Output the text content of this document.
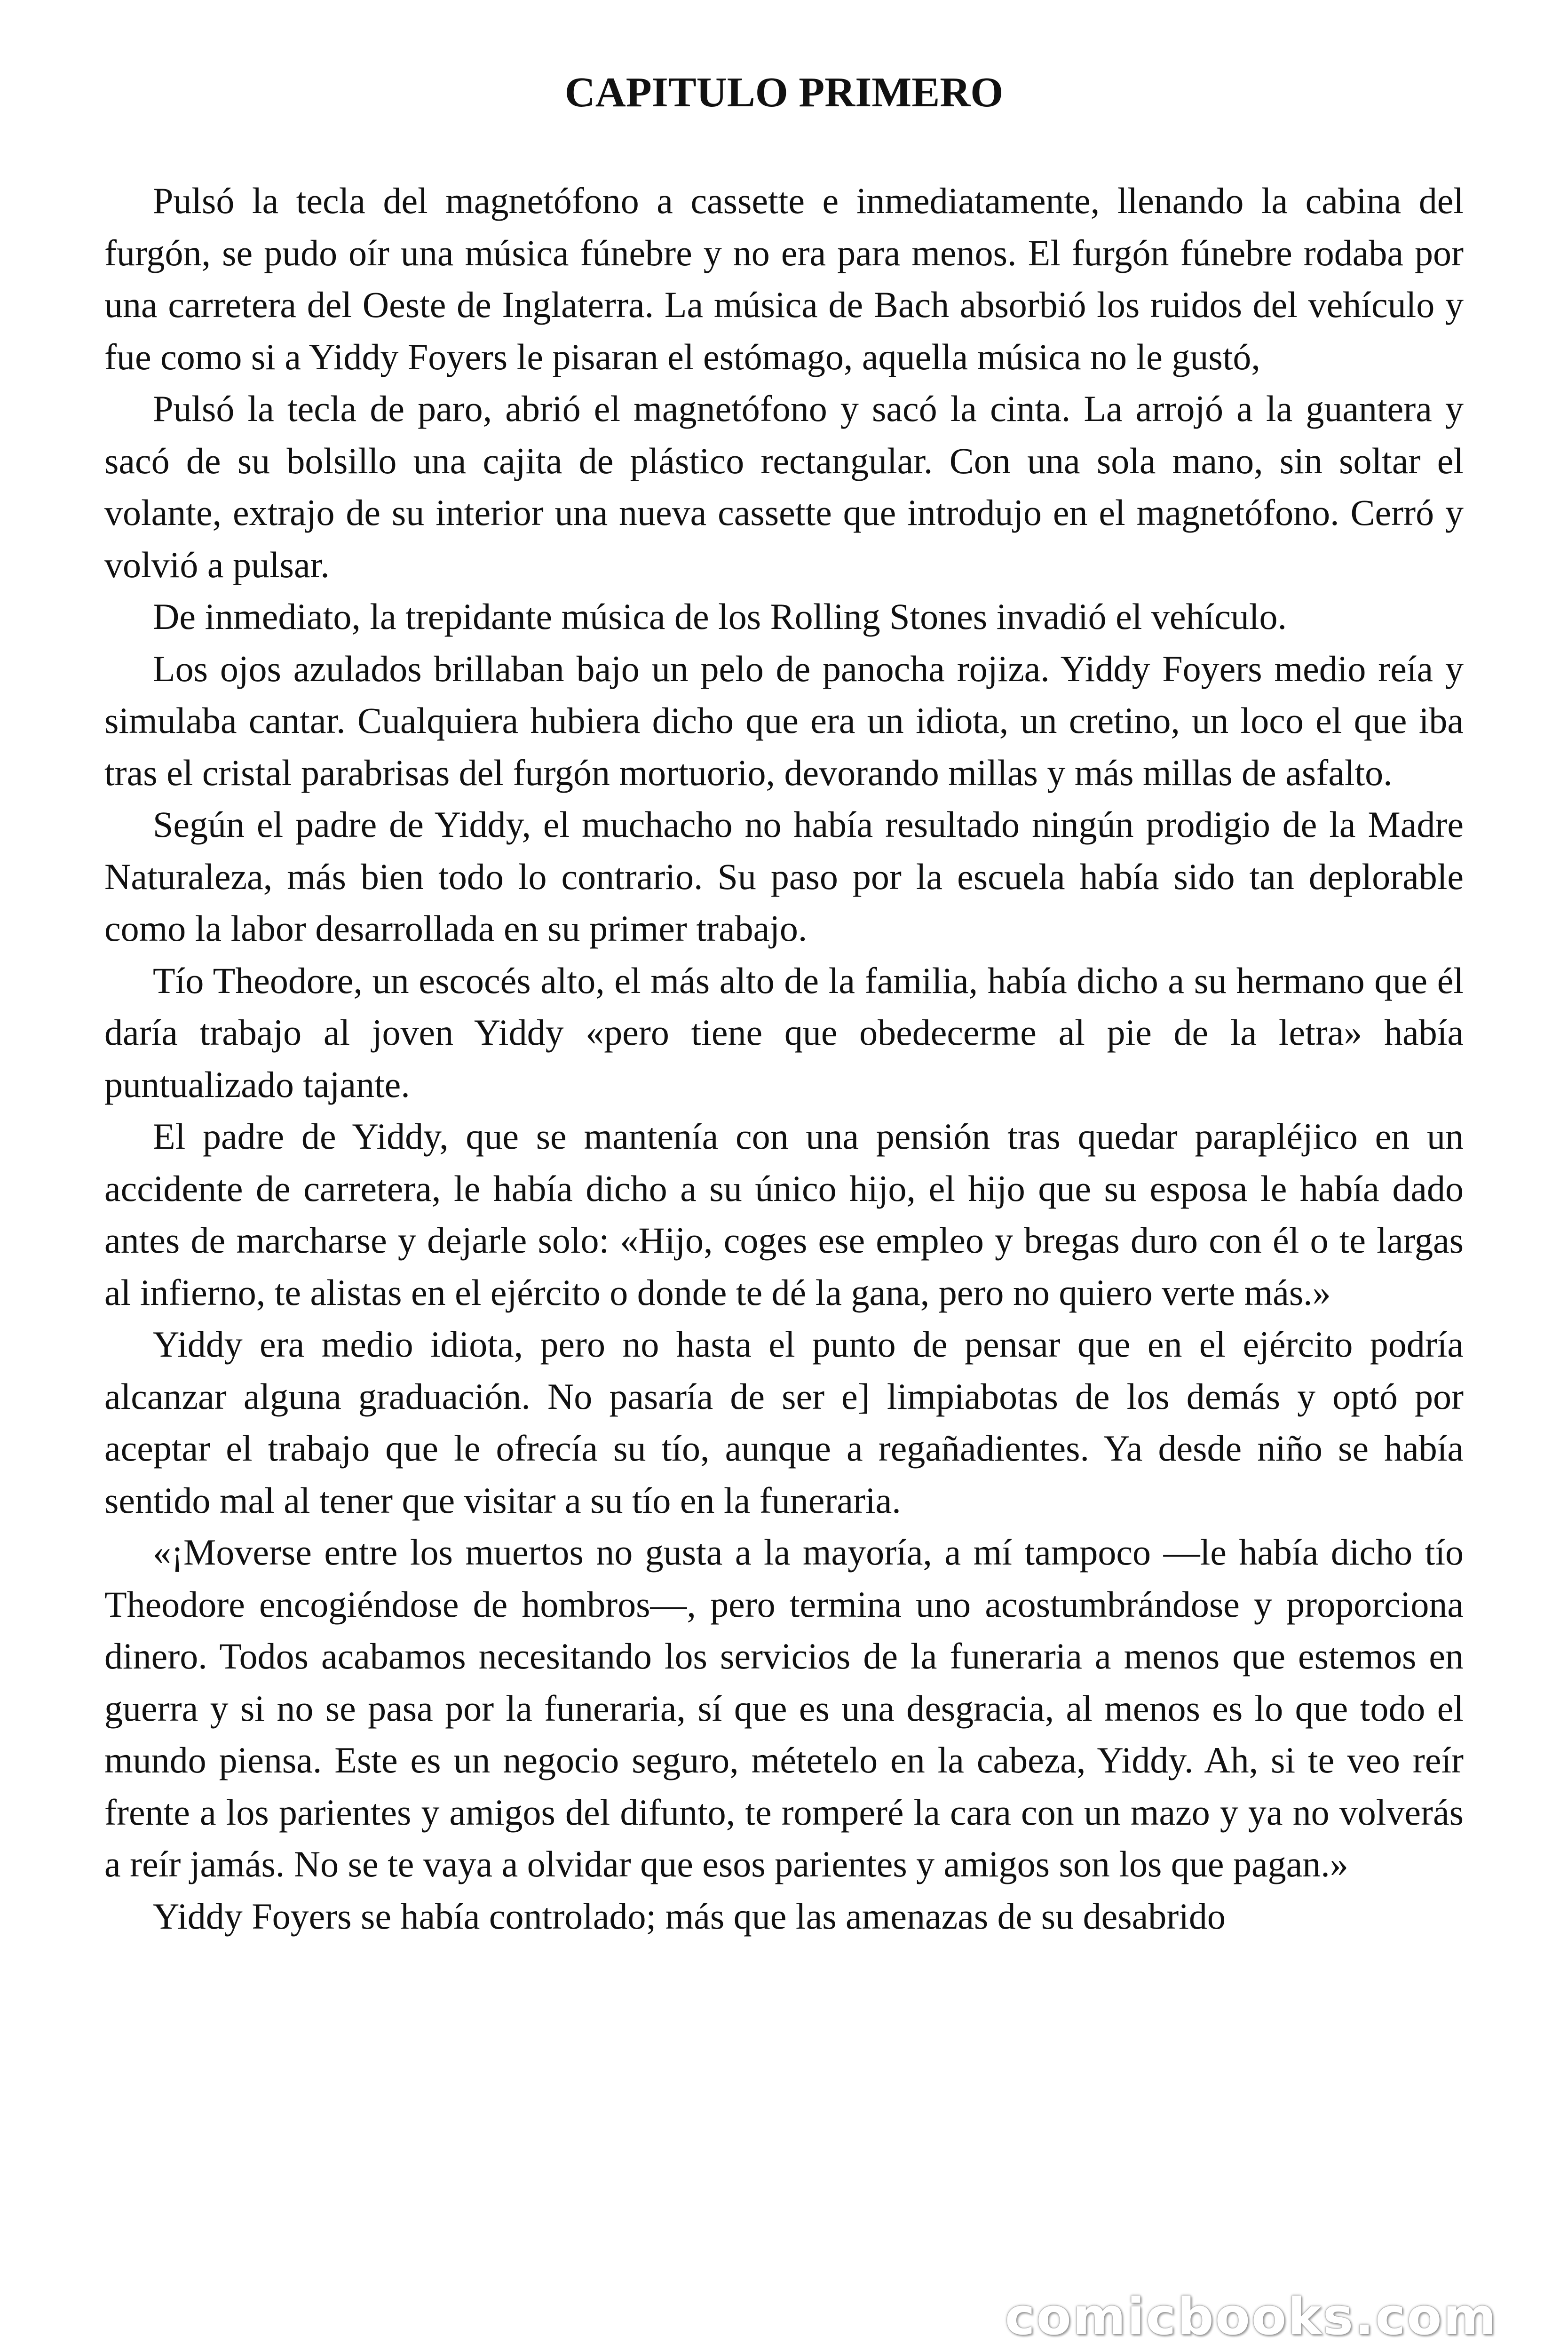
CAPITULO PRIMERO

Pulsó la tecla del magnetófono a cassette e inmediatamente, llenando la cabina del furgón, se pudo oír una música fúnebre y no era para menos. El furgón fúnebre rodaba por una carretera del Oeste de Inglaterra. La música de Bach absorbió los ruidos del vehículo y fue como si a Yiddy Foyers le pisaran el estómago, aquella música no le gustó,

Pulsó la tecla de paro, abrió el magnetófono y sacó la cinta. La arrojó a la guantera y sacó de su bolsillo una cajita de plástico rectangular. Con una sola mano, sin soltar el volante, extrajo de su interior una nueva cassette que introdujo en el magnetófono. Cerró y volvió a pulsar.

De inmediato, la trepidante música de los Rolling Stones invadió el vehículo.

Los ojos azulados brillaban bajo un pelo de panocha rojiza. Yiddy Foyers medio reía y simulaba cantar. Cualquiera hubiera dicho que era un idiota, un cretino, un loco el que iba tras el cristal parabrisas del furgón mortuorio, devorando millas y más millas de asfalto.

Según el padre de Yiddy, el muchacho no había resultado ningún prodigio de la Madre Naturaleza, más bien todo lo contrario. Su paso por la escuela había sido tan deplorable como la labor desarrollada en su primer trabajo.

Tío Theodore, un escocés alto, el más alto de la familia, había dicho a su hermano que él daría trabajo al joven Yiddy «pero tiene que obedecerme al pie de la letra» había puntualizado tajante.

El padre de Yiddy, que se mantenía con una pensión tras quedar parapléjico en un accidente de carretera, le había dicho a su único hijo, el hijo que su esposa le había dado antes de marcharse y dejarle solo: «Hijo, coges ese empleo y bregas duro con él o te largas al infierno, te alistas en el ejército o donde te dé la gana, pero no quiero verte más.»

Yiddy era medio idiota, pero no hasta el punto de pensar que en el ejército podría alcanzar alguna graduación. No pasaría de ser e] limpiabotas de los demás y optó por aceptar el trabajo que le ofrecía su tío, aunque a regañadientes. Ya desde niño se había sentido mal al tener que visitar a su tío en la funeraria.

«¡Moverse entre los muertos no gusta a la mayoría, a mí tampoco —le había dicho tío Theodore encogiéndose de hombros—, pero termina uno acostumbrándose y proporciona dinero. Todos acabamos necesitando los servicios de la funeraria a menos que estemos en guerra y si no se pasa por la funeraria, sí que es una desgracia, al menos es lo que todo el mundo piensa. Este es un negocio seguro, métetelo en la cabeza, Yiddy. Ah, si te veo reír frente a los parientes y amigos del difunto, te romperé la cara con un mazo y ya no volverás a reír jamás. No se te vaya a olvidar que esos parientes y amigos son los que pagan.»

Yiddy Foyers se había controlado; más que las amenazas de su desabrido

comicbooks.com
